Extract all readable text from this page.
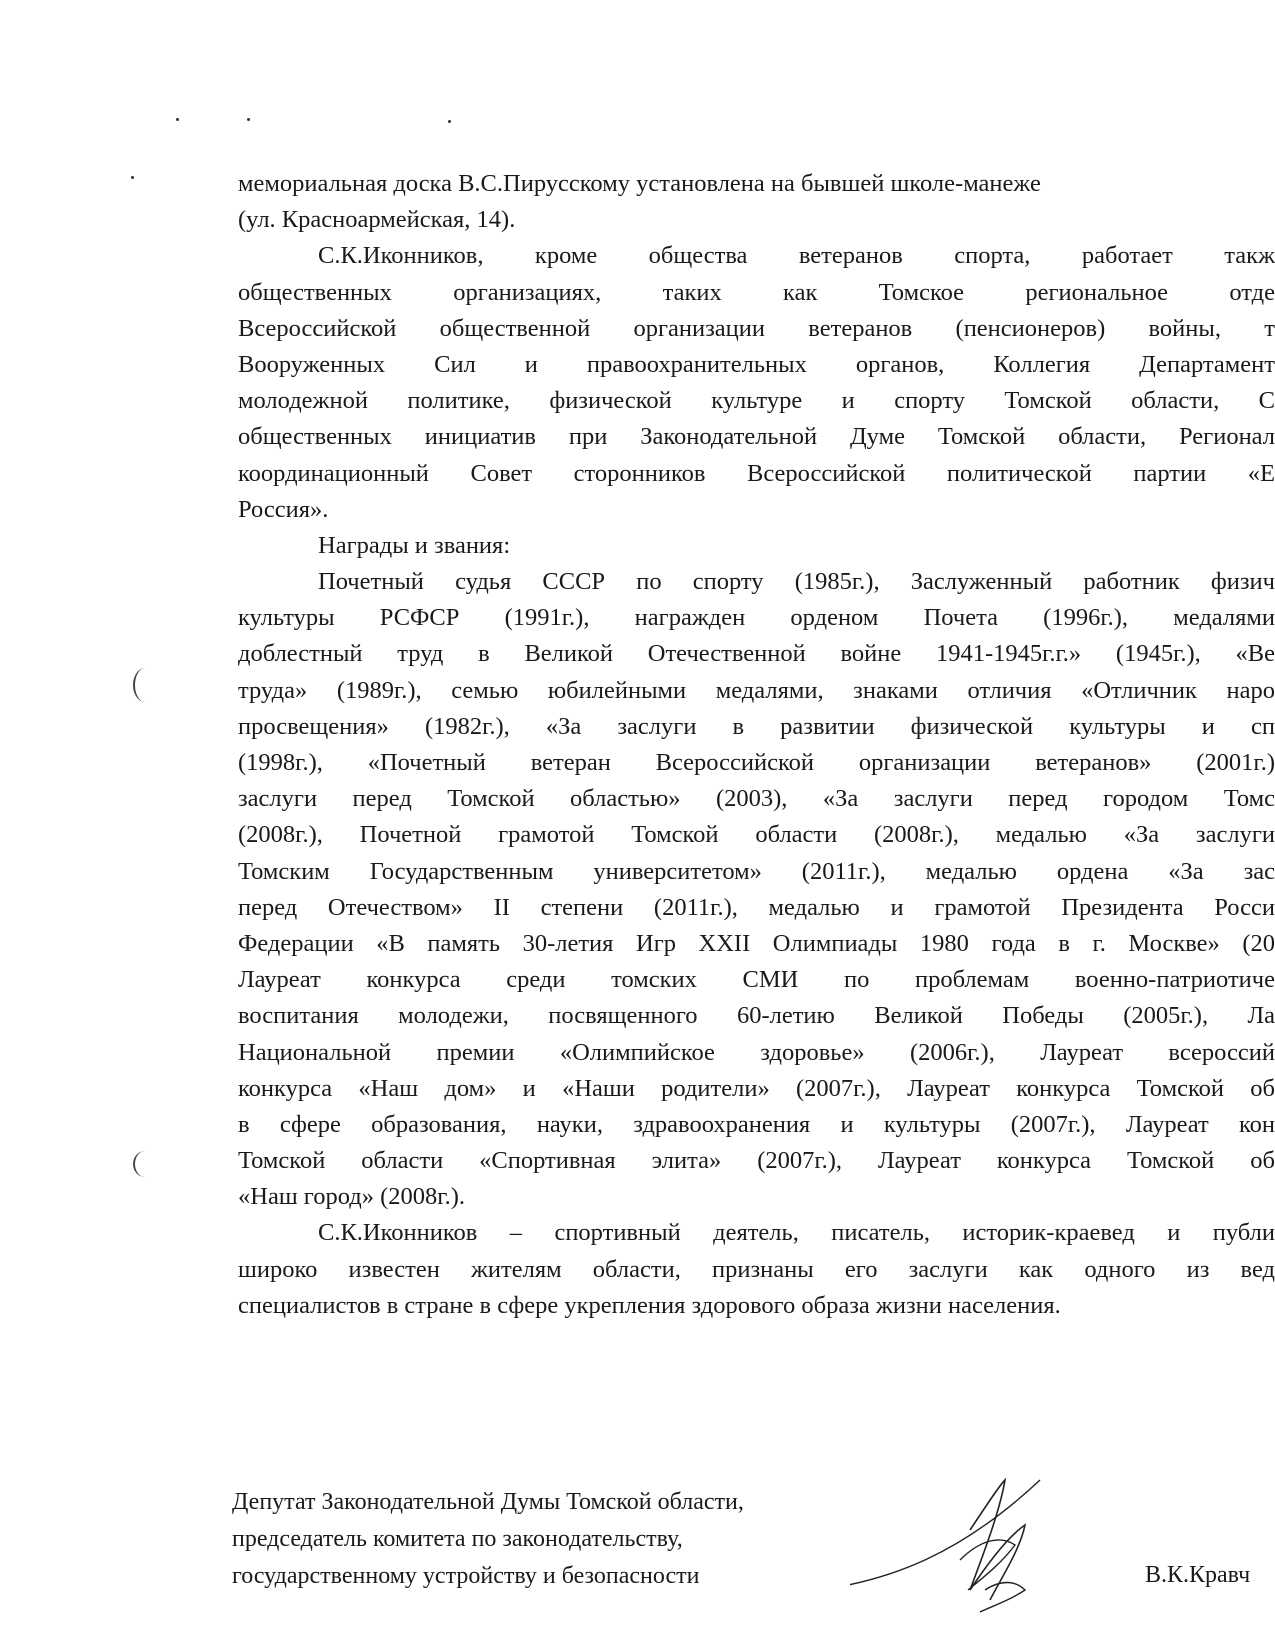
мемориальная доска В.С.Пирусскому установлена на бывшей школе-манеже
(ул. Красноармейская, 14).
С.К.Иконников, кроме общества ветеранов спорта, работает такж
общественных организациях, таких как Томское региональное отде
Всероссийской общественной организации ветеранов (пенсионеров) войны, т
Вооруженных Сил и правоохранительных органов, Коллегия Департамент
молодежной политике, физической культуре и спорту Томской области, С
общественных инициатив при Законодательной Думе Томской области, Регионал
координационный Совет сторонников Всероссийской политической партии «Е
Россия».
Награды и звания:
Почетный судья СССР по спорту (1985г.), Заслуженный работник физич
культуры РСФСР (1991г.), награжден орденом Почета (1996г.), медалями
доблестный труд в Великой Отечественной войне 1941-1945г.г.» (1945г.), «Ве
труда» (1989г.), семью юбилейными медалями, знаками отличия «Отличник наро
просвещения» (1982г.), «За заслуги в развитии физической культуры и сп
(1998г.), «Почетный ветеран Всероссийской организации ветеранов» (2001г.)
заслуги перед Томской областью» (2003), «За заслуги перед городом Томс
(2008г.), Почетной грамотой Томской области (2008г.), медалью «За заслуги
Томским Государственным университетом» (2011г.), медалью ордена «За зас
перед Отечеством» II степени (2011г.), медалью и грамотой Президента Росси
Федерации «В память 30-летия Игр XXII Олимпиады 1980 года в г. Москве» (20
Лауреат конкурса среди томских СМИ по проблемам военно-патриотиче
воспитания молодежи, посвященного 60-летию Великой Победы (2005г.), Ла
Национальной премии «Олимпийское здоровье» (2006г.), Лауреат всероссий
конкурса «Наш дом» и «Наши родители» (2007г.), Лауреат конкурса Томской об
в сфере образования, науки, здравоохранения и культуры (2007г.), Лауреат кон
Томской области «Спортивная элита» (2007г.), Лауреат конкурса Томской об
«Наш город» (2008г.).
С.К.Иконников – спортивный деятель, писатель, историк-краевед и публи
широко известен жителям области, признаны его заслуги как одного из вед
специалистов в стране в сфере укрепления здорового образа жизни населения.
Депутат Законодательной Думы Томской области,
председатель комитета по законодательству,
государственному устройству и безопасности	В.К.Кравч
